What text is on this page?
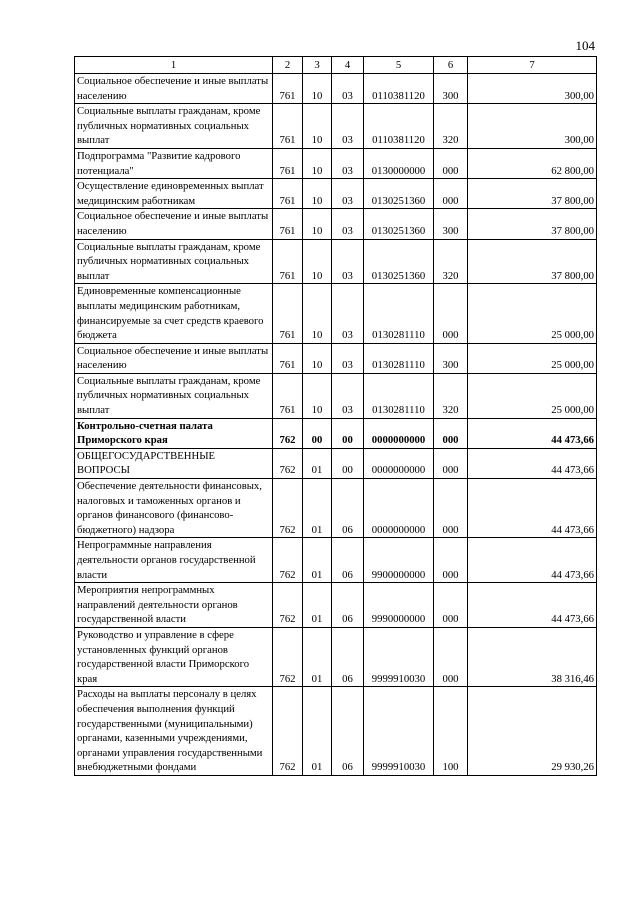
104
1	2	3	4	5	6	7
Социальное обеспечение и иные выплаты населению	761	10	03	0110381120	300	300,00
Социальные выплаты гражданам, кроме публичных нормативных социальных выплат	761	10	03	0110381120	320	300,00
Подпрограмма "Развитие кадрового потенциала"	761	10	03	0130000000	000	62 800,00
Осуществление единовременных выплат медицинским работникам	761	10	03	0130251360	000	37 800,00
Социальное обеспечение и иные выплаты населению	761	10	03	0130251360	300	37 800,00
Социальные выплаты гражданам, кроме публичных нормативных социальных выплат	761	10	03	0130251360	320	37 800,00
Единовременные компенсационные выплаты медицинским работникам, финансируемые за счет средств краевого бюджета	761	10	03	0130281110	000	25 000,00
Социальное обеспечение и иные выплаты населению	761	10	03	0130281110	300	25 000,00
Социальные выплаты гражданам, кроме публичных нормативных социальных выплат	761	10	03	0130281110	320	25 000,00
Контрольно-счетная палата Приморского края	762	00	00	0000000000	000	44 473,66
ОБЩЕГОСУДАРСТВЕННЫЕ ВОПРОСЫ	762	01	00	0000000000	000	44 473,66
Обеспечение деятельности финансовых, налоговых и таможенных органов и органов финансового (финансово-бюджетного) надзора	762	01	06	0000000000	000	44 473,66
Непрограммные направления деятельности органов государственной власти	762	01	06	9900000000	000	44 473,66
Мероприятия непрограммных направлений деятельности органов государственной власти	762	01	06	9990000000	000	44 473,66
Руководство и управление в сфере установленных функций органов государственной власти Приморского края	762	01	06	9999910030	000	38 316,46
Расходы на выплаты персоналу в целях обеспечения выполнения функций государственными (муниципальными) органами, казенными учреждениями, органами управления государственными внебюджетными фондами	762	01	06	9999910030	100	29 930,26
